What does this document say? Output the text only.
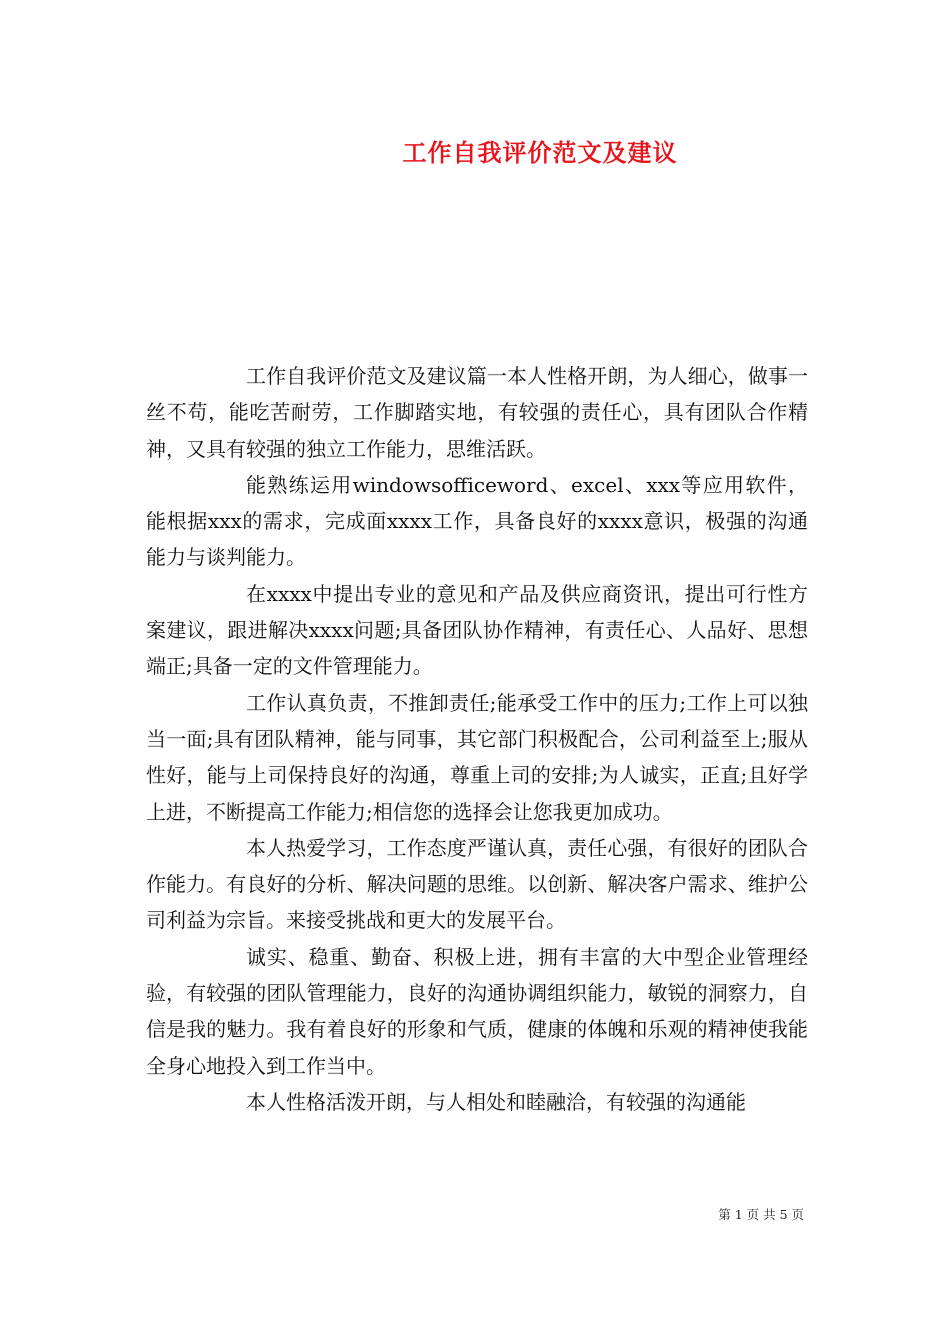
工作自我评价范文及建议

工作自我评价范文及建议篇一本人性格开朗，为人细心，做事一丝不苟，能吃苦耐劳，工作脚踏实地，有较强的责任心，具有团队合作精神，又具有较强的独立工作能力，思维活跃。

能熟练运用windowsofficeword、excel、xxx等应用软件，能根据xxx的需求，完成面xxxx工作，具备良好的xxxx意识，极强的沟通能力与谈判能力。

在xxxx中提出专业的意见和产品及供应商资讯，提出可行性方案建议，跟进解决xxxx问题;具备团队协作精神，有责任心、人品好、思想端正;具备一定的文件管理能力。

工作认真负责，不推卸责任;能承受工作中的压力;工作上可以独当一面;具有团队精神，能与同事，其它部门积极配合，公司利益至上;服从性好，能与上司保持良好的沟通，尊重上司的安排;为人诚实，正直;且好学上进，不断提高工作能力;相信您的选择会让您我更加成功。

本人热爱学习，工作态度严谨认真，责任心强，有很好的团队合作能力。有良好的分析、解决问题的思维。以创新、解决客户需求、维护公司利益为宗旨。来接受挑战和更大的发展平台。

诚实、稳重、勤奋、积极上进，拥有丰富的大中型企业管理经验，有较强的团队管理能力，良好的沟通协调组织能力，敏锐的洞察力，自信是我的魅力。我有着良好的形象和气质，健康的体魄和乐观的精神使我能全身心地投入到工作当中。

本人性格活泼开朗，与人相处和睦融洽，有较强的沟通能

第 1 页 共 5 页
